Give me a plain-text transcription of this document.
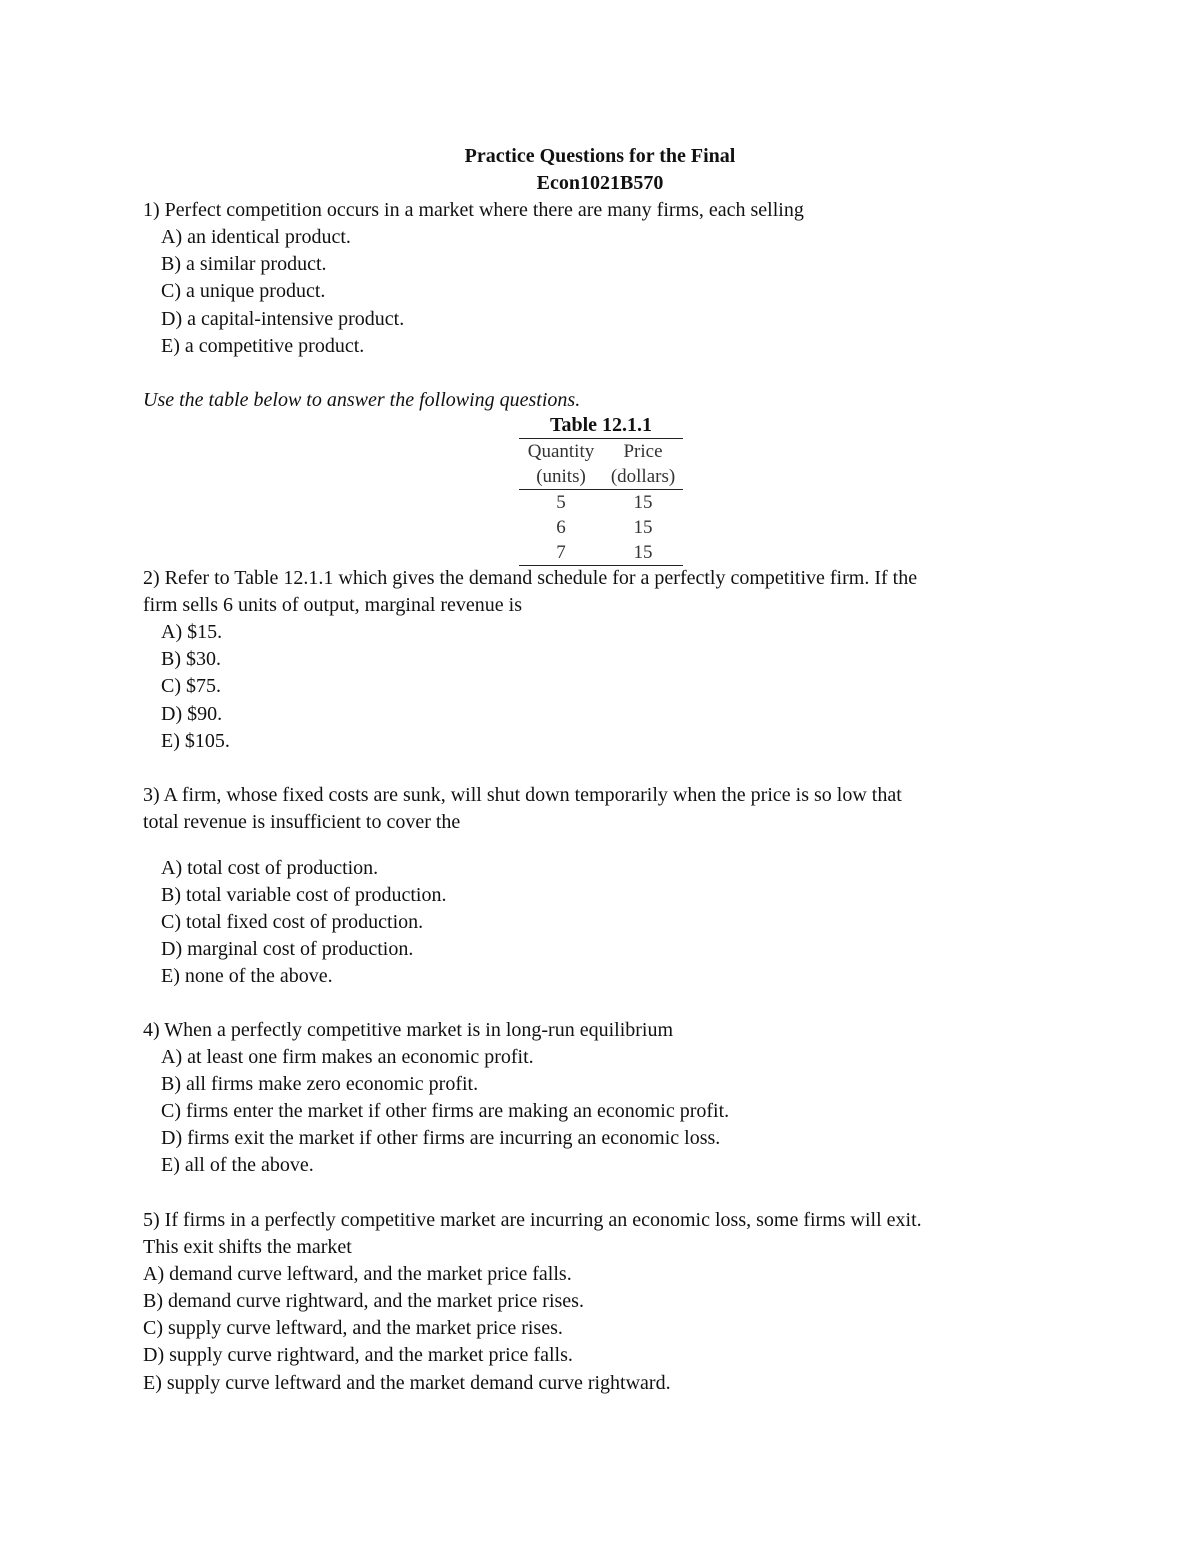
Practice Questions for the Final
Econ1021B570
1) Perfect competition occurs in a market where there are many firms, each selling
A) an identical product.
B) a similar product.
C) a unique product.
D) a capital-intensive product.
E) a competitive product.
Use the table below to answer the following questions.
Table 12.1.1
Quantity	Price
(units)	(dollars)
5	15
6	15
7	15
2) Refer to Table 12.1.1 which gives the demand schedule for a perfectly competitive firm. If the
firm sells 6 units of output, marginal revenue is
A) $15.
B) $30.
C) $75.
D) $90.
E) $105.
3) A firm, whose fixed costs are sunk, will shut down temporarily when the price is so low that
total revenue is insufficient to cover the
A) total cost of production.
B) total variable cost of production.
C) total fixed cost of production.
D) marginal cost of production.
E) none of the above.
4) When a perfectly competitive market is in long-run equilibrium
A) at least one firm makes an economic profit.
B) all firms make zero economic profit.
C) firms enter the market if other firms are making an economic profit.
D) firms exit the market if other firms are incurring an economic loss.
E) all of the above.
5) If firms in a perfectly competitive market are incurring an economic loss, some firms will exit.
This exit shifts the market
A) demand curve leftward, and the market price falls.
B) demand curve rightward, and the market price rises.
C) supply curve leftward, and the market price rises.
D) supply curve rightward, and the market price falls.
E) supply curve leftward and the market demand curve rightward.
